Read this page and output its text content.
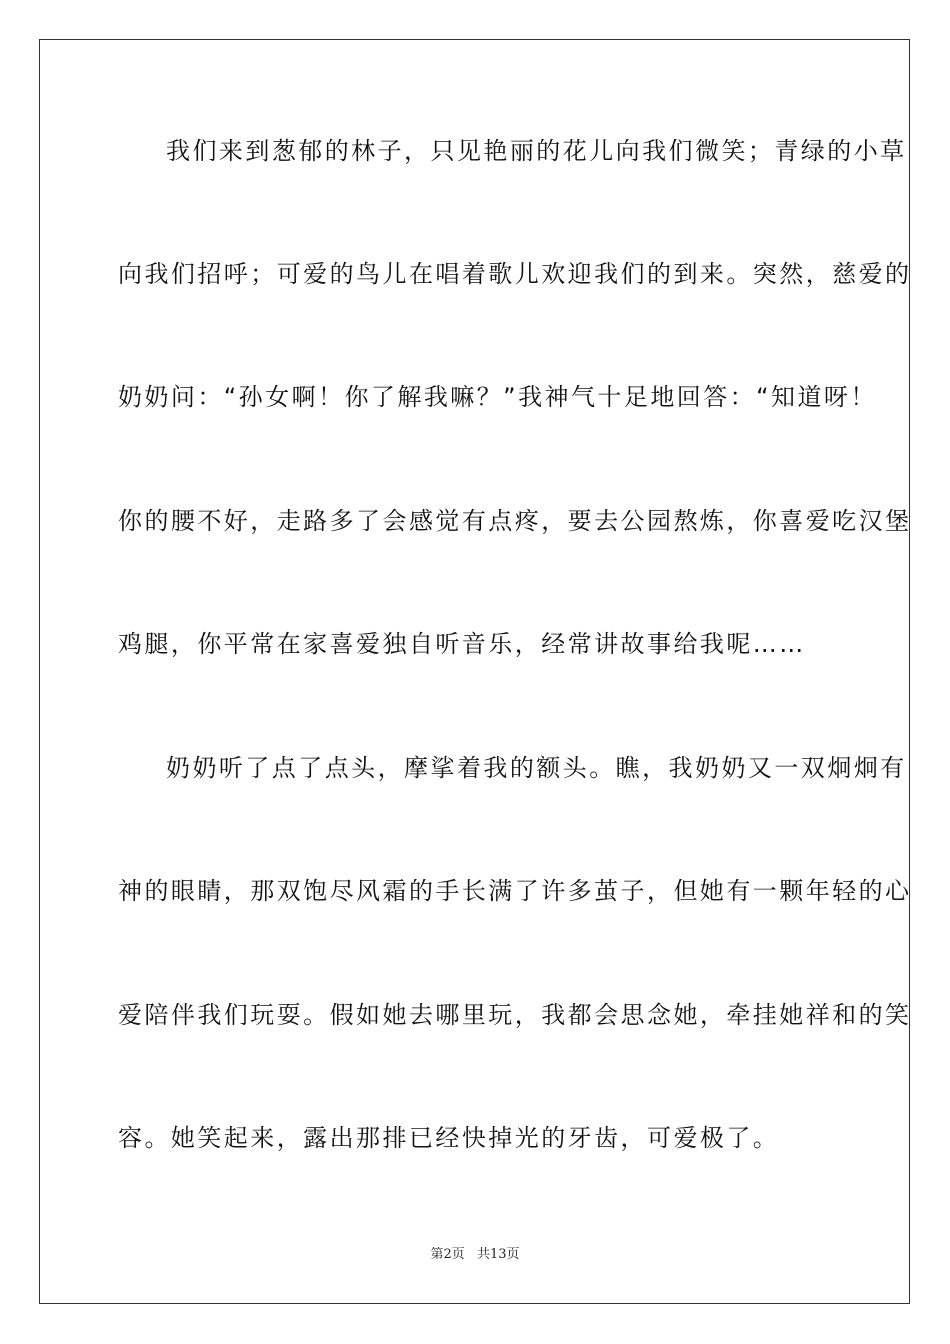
我们来到葱郁的林子，只见艳丽的花儿向我们微笑；青绿的小草
向我们招呼；可爱的鸟儿在唱着歌儿欢迎我们的到来。突然，慈爱的
奶奶问：“孙女啊！你了解我嘛？”我神气十足地回答：“知道呀！
你的腰不好，走路多了会感觉有点疼，要去公园熬炼，你喜爱吃汉堡
鸡腿，你平常在家喜爱独自听音乐，经常讲故事给我呢……
奶奶听了点了点头，摩挲着我的额头。瞧，我奶奶又一双炯炯有
神的眼睛，那双饱尽风霜的手长满了许多茧子，但她有一颗年轻的心
爱陪伴我们玩耍。假如她去哪里玩，我都会思念她，牵挂她祥和的笑
容。她笑起来，露出那排已经快掉光的牙齿，可爱极了。
第2页 共13页
